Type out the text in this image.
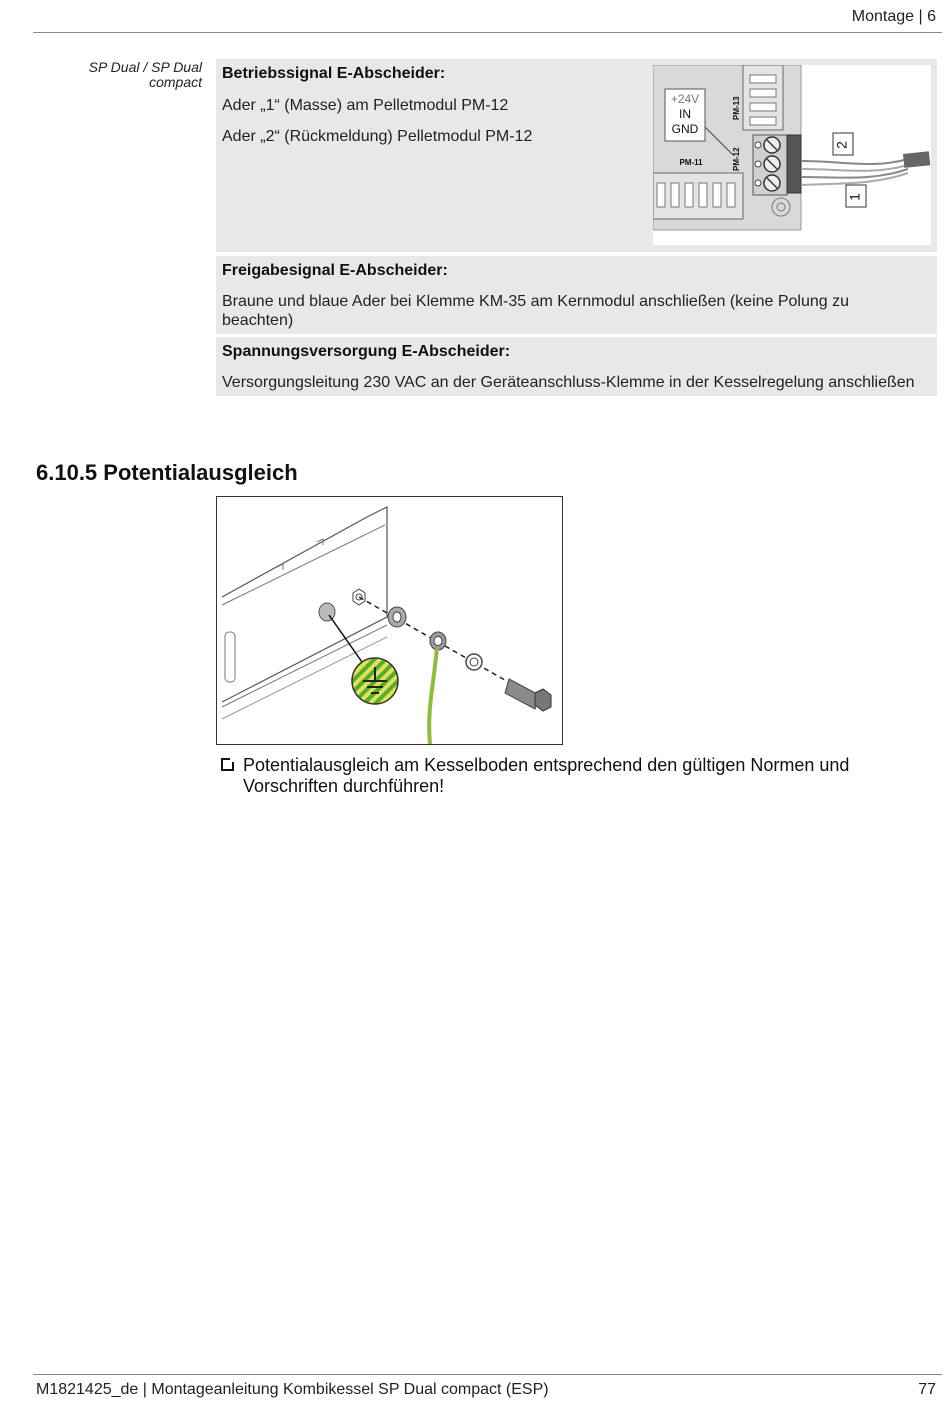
Montage | 6
SP Dual / SP Dual compact Betriebssignal E-Abscheider:
Ader „1“ (Masse) am Pelletmodul PM-12
Ader „2“ (Rückmeldung) Pelletmodul PM-12
PM-13
+24V
IN
GND
PM-12
2
1
PM-11
Freigabesignal E-Abscheider:
Braune und blaue Ader bei Klemme KM-35 am Kernmodul anschließen (keine Polung zu beachten)
Spannungsversorgung E-Abscheider:
Versorgungsleitung 230 VAC an der Geräteanschluss-Klemme in der Kesselregelung anschließen
6.10.5 Potentialausgleich
Potentialausgleich am Kesselboden entsprechend den gültigen Normen und Vorschriften durchführen!
M1821425_de | Montageanleitung Kombikessel SP Dual compact (ESP)	77
